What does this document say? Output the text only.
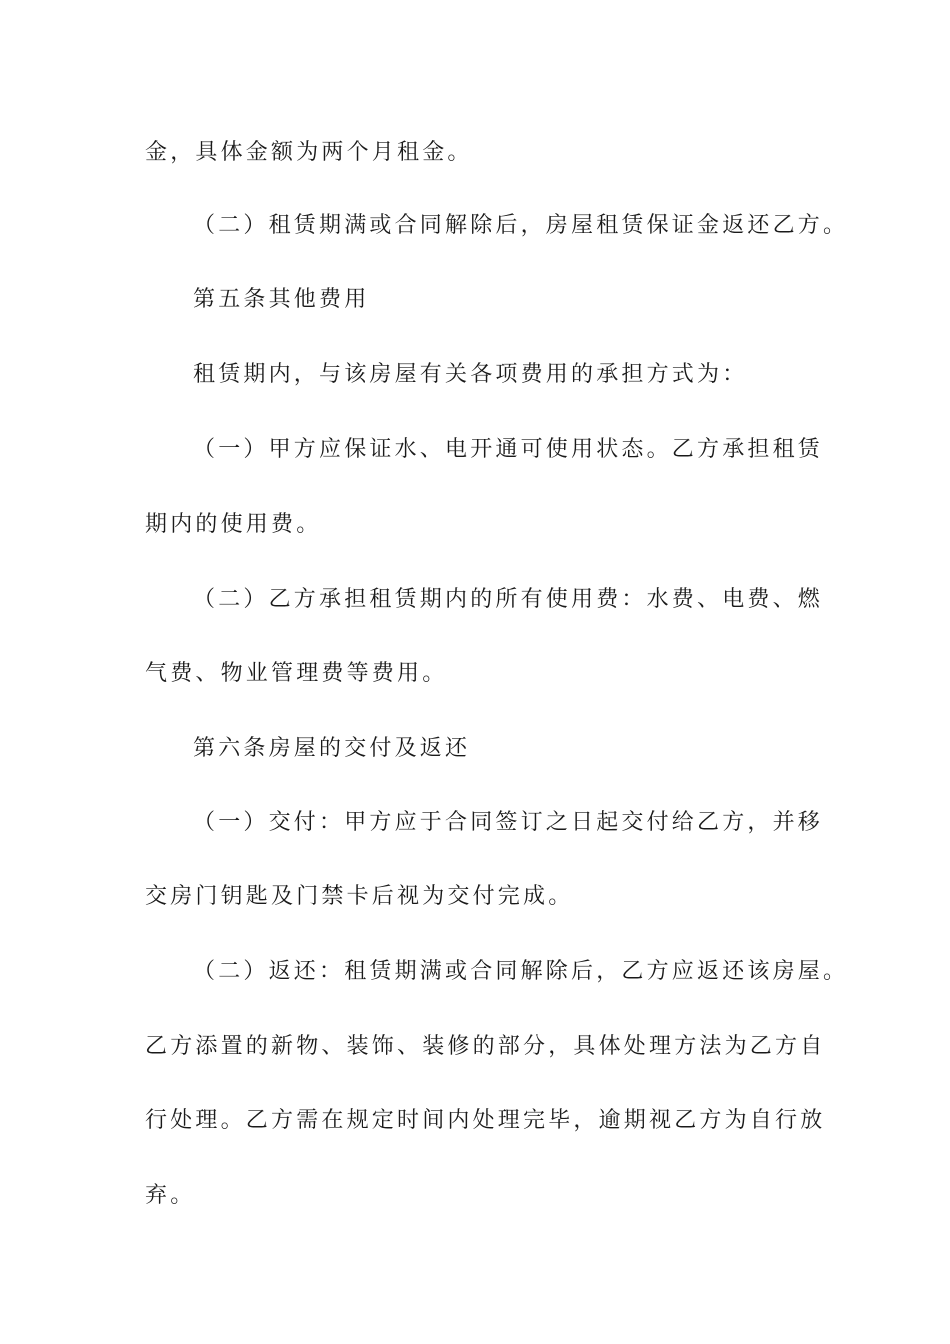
金，具体金额为两个月租金。
（二）租赁期满或合同解除后，房屋租赁保证金返还乙方。
第五条其他费用
租赁期内，与该房屋有关各项费用的承担方式为：
（一）甲方应保证水、电开通可使用状态。乙方承担租赁
期内的使用费。
（二）乙方承担租赁期内的所有使用费：水费、电费、燃
气费、物业管理费等费用。
第六条房屋的交付及返还
（一）交付：甲方应于合同签订之日起交付给乙方，并移
交房门钥匙及门禁卡后视为交付完成。
（二）返还：租赁期满或合同解除后，乙方应返还该房屋。
乙方添置的新物、装饰、装修的部分，具体处理方法为乙方自
行处理。乙方需在规定时间内处理完毕，逾期视乙方为自行放
弃。
